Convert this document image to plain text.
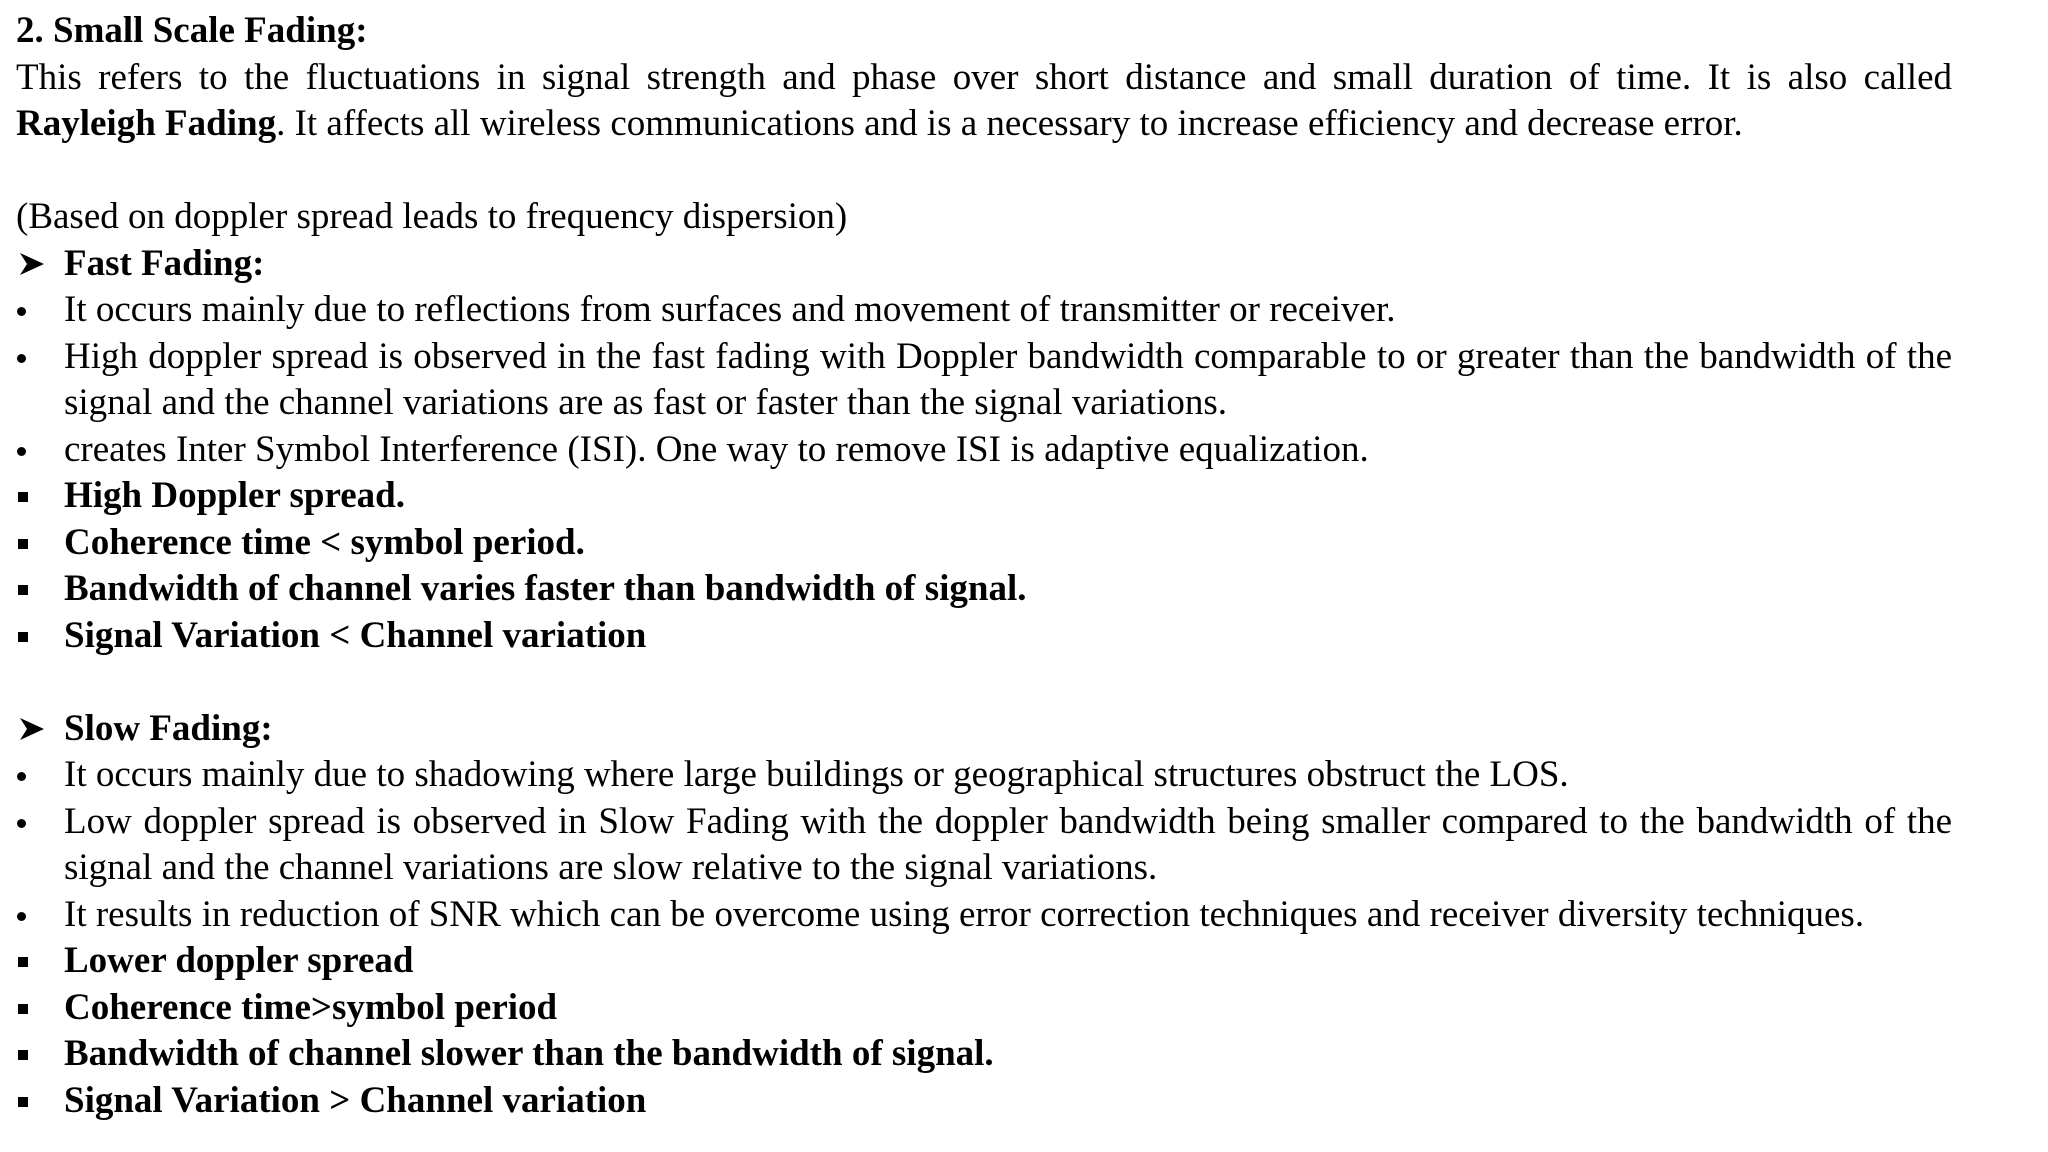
2. Small Scale Fading:
This refers to the fluctuations in signal strength and phase over short distance and small duration of time. It is also called
Rayleigh Fading. It affects all wireless communications and is a necessary to increase efficiency and decrease error.
(Based on doppler spread leads to frequency dispersion)
Fast Fading:
It occurs mainly due to reflections from surfaces and movement of transmitter or receiver.
High doppler spread is observed in the fast fading with Doppler bandwidth comparable to or greater than the bandwidth of the signal and the channel variations are as fast or faster than the signal variations.
creates Inter Symbol Interference (ISI). One way to remove ISI is adaptive equalization.
High Doppler spread.
Coherence time < symbol period.
Bandwidth of channel varies faster than bandwidth of signal.
Signal Variation < Channel variation
Slow Fading:
It occurs mainly due to shadowing where large buildings or geographical structures obstruct the LOS.
Low doppler spread is observed in Slow Fading with the doppler bandwidth being smaller compared to the bandwidth of the signal and the channel variations are slow relative to the signal variations.
It results in reduction of SNR which can be overcome using error correction techniques and receiver diversity techniques.
Lower doppler spread
Coherence time>symbol period
Bandwidth of channel slower than the bandwidth of signal.
Signal Variation > Channel variation
